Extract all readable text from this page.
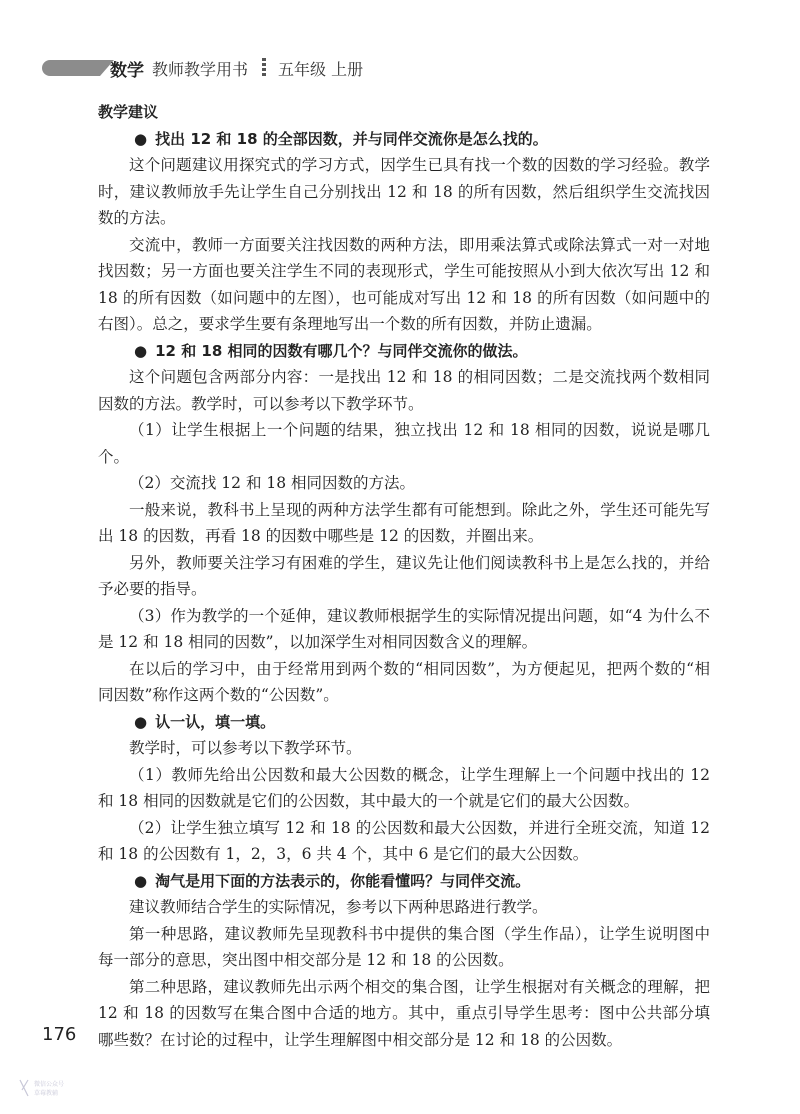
数学 教师教学用书 五年级 上册

教学建议

● 找出 12 和 18 的全部因数，并与同伴交流你是怎么找的。

这个问题建议用探究式的学习方式，因学生已具有找一个数的因数的学习经验。教学时，建议教师放手先让学生自己分别找出 12 和 18 的所有因数，然后组织学生交流找因数的方法。

交流中，教师一方面要关注找因数的两种方法，即用乘法算式或除法算式一对一对地找因数；另一方面也要关注学生不同的表现形式，学生可能按照从小到大依次写出 12 和 18 的所有因数（如问题中的左图），也可能成对写出 12 和 18 的所有因数（如问题中的右图）。总之，要求学生要有条理地写出一个数的所有因数，并防止遗漏。

● 12 和 18 相同的因数有哪几个？与同伴交流你的做法。

这个问题包含两部分内容：一是找出 12 和 18 的相同因数；二是交流找两个数相同因数的方法。教学时，可以参考以下教学环节。

（1）让学生根据上一个问题的结果，独立找出 12 和 18 相同的因数，说说是哪几个。

（2）交流找 12 和 18 相同因数的方法。

一般来说，教科书上呈现的两种方法学生都有可能想到。除此之外，学生还可能先写出 18 的因数，再看 18 的因数中哪些是 12 的因数，并圈出来。

另外，教师要关注学习有困难的学生，建议先让他们阅读教科书上是怎么找的，并给予必要的指导。

（3）作为教学的一个延伸，建议教师根据学生的实际情况提出问题，如“4 为什么不是 12 和 18 相同的因数”，以加深学生对相同因数含义的理解。

在以后的学习中，由于经常用到两个数的“相同因数”，为方便起见，把两个数的“相同因数”称作这两个数的“公因数”。

● 认一认，填一填。

教学时，可以参考以下教学环节。

（1）教师先给出公因数和最大公因数的概念，让学生理解上一个问题中找出的 12 和 18 相同的因数就是它们的公因数，其中最大的一个就是它们的最大公因数。

（2）让学生独立填写 12 和 18 的公因数和最大公因数，并进行全班交流，知道 12 和 18 的公因数有 1，2，3，6 共 4 个，其中 6 是它们的最大公因数。

● 淘气是用下面的方法表示的，你能看懂吗？与同伴交流。

建议教师结合学生的实际情况，参考以下两种思路进行教学。

第一种思路，建议教师先呈现教科书中提供的集合图（学生作品），让学生说明图中每一部分的意思，突出图中相交部分是 12 和 18 的公因数。

第二种思路，建议教师先出示两个相交的集合图，让学生根据对有关概念的理解，把 12 和 18 的因数写在集合图中合适的地方。其中，重点引导学生思考：图中公共部分填哪些数？在讨论的过程中，让学生理解图中相交部分是 12 和 18 的公因数。

176
微信公众号
草莓教辅
